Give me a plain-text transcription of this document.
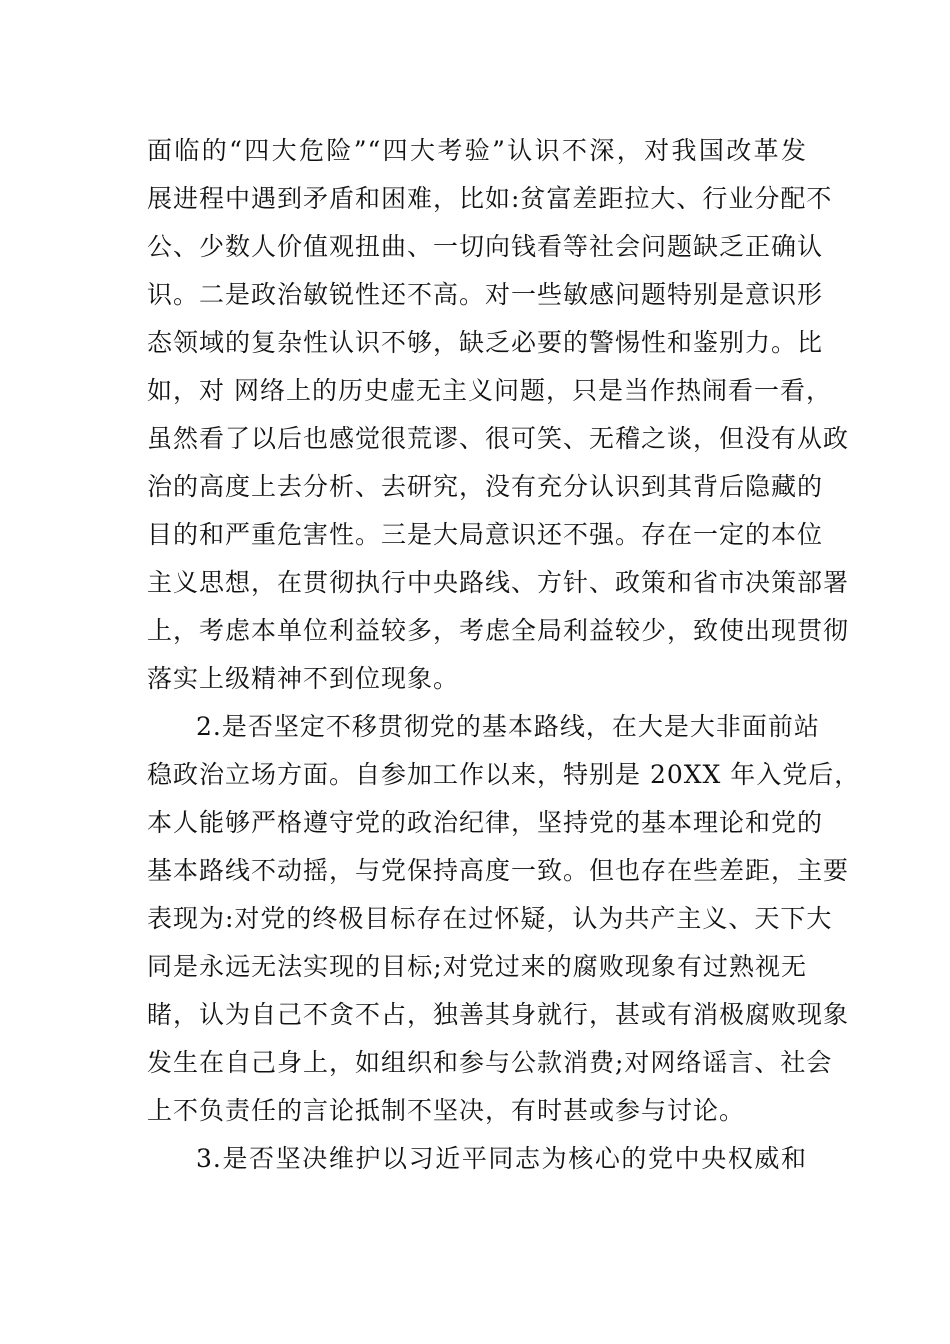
面临的“四大危险”“四大考验”认识不深，对我国改革发
展进程中遇到矛盾和困难，比如:贫富差距拉大、行业分配不
公、少数人价值观扭曲、一切向钱看等社会问题缺乏正确认
识。二是政治敏锐性还不高。对一些敏感问题特别是意识形
态领域的复杂性认识不够，缺乏必要的警惕性和鉴别力。比
如，对 网络上的历史虚无主义问题，只是当作热闹看一看，
虽然看了以后也感觉很荒谬、很可笑、无稽之谈，但没有从政
治的高度上去分析、去研究，没有充分认识到其背后隐藏的
目的和严重危害性。三是大局意识还不强。存在一定的本位
主义思想，在贯彻执行中央路线、方针、政策和省市决策部署
上，考虑本单位利益较多，考虑全局利益较少，致使出现贯彻
落实上级精神不到位现象。
2.是否坚定不移贯彻党的基本路线，在大是大非面前站
稳政治立场方面。自参加工作以来，特别是 20XX 年入党后，
本人能够严格遵守党的政治纪律，坚持党的基本理论和党的
基本路线不动摇，与党保持高度一致。但也存在些差距，主要
表现为:对党的终极目标存在过怀疑，认为共产主义、天下大
同是永远无法实现的目标;对党过来的腐败现象有过熟视无
睹，认为自己不贪不占，独善其身就行，甚或有消极腐败现象
发生在自己身上，如组织和参与公款消费;对网络谣言、社会
上不负责任的言论抵制不坚决，有时甚或参与讨论。
3.是否坚决维护以习近平同志为核心的党中央权威和
